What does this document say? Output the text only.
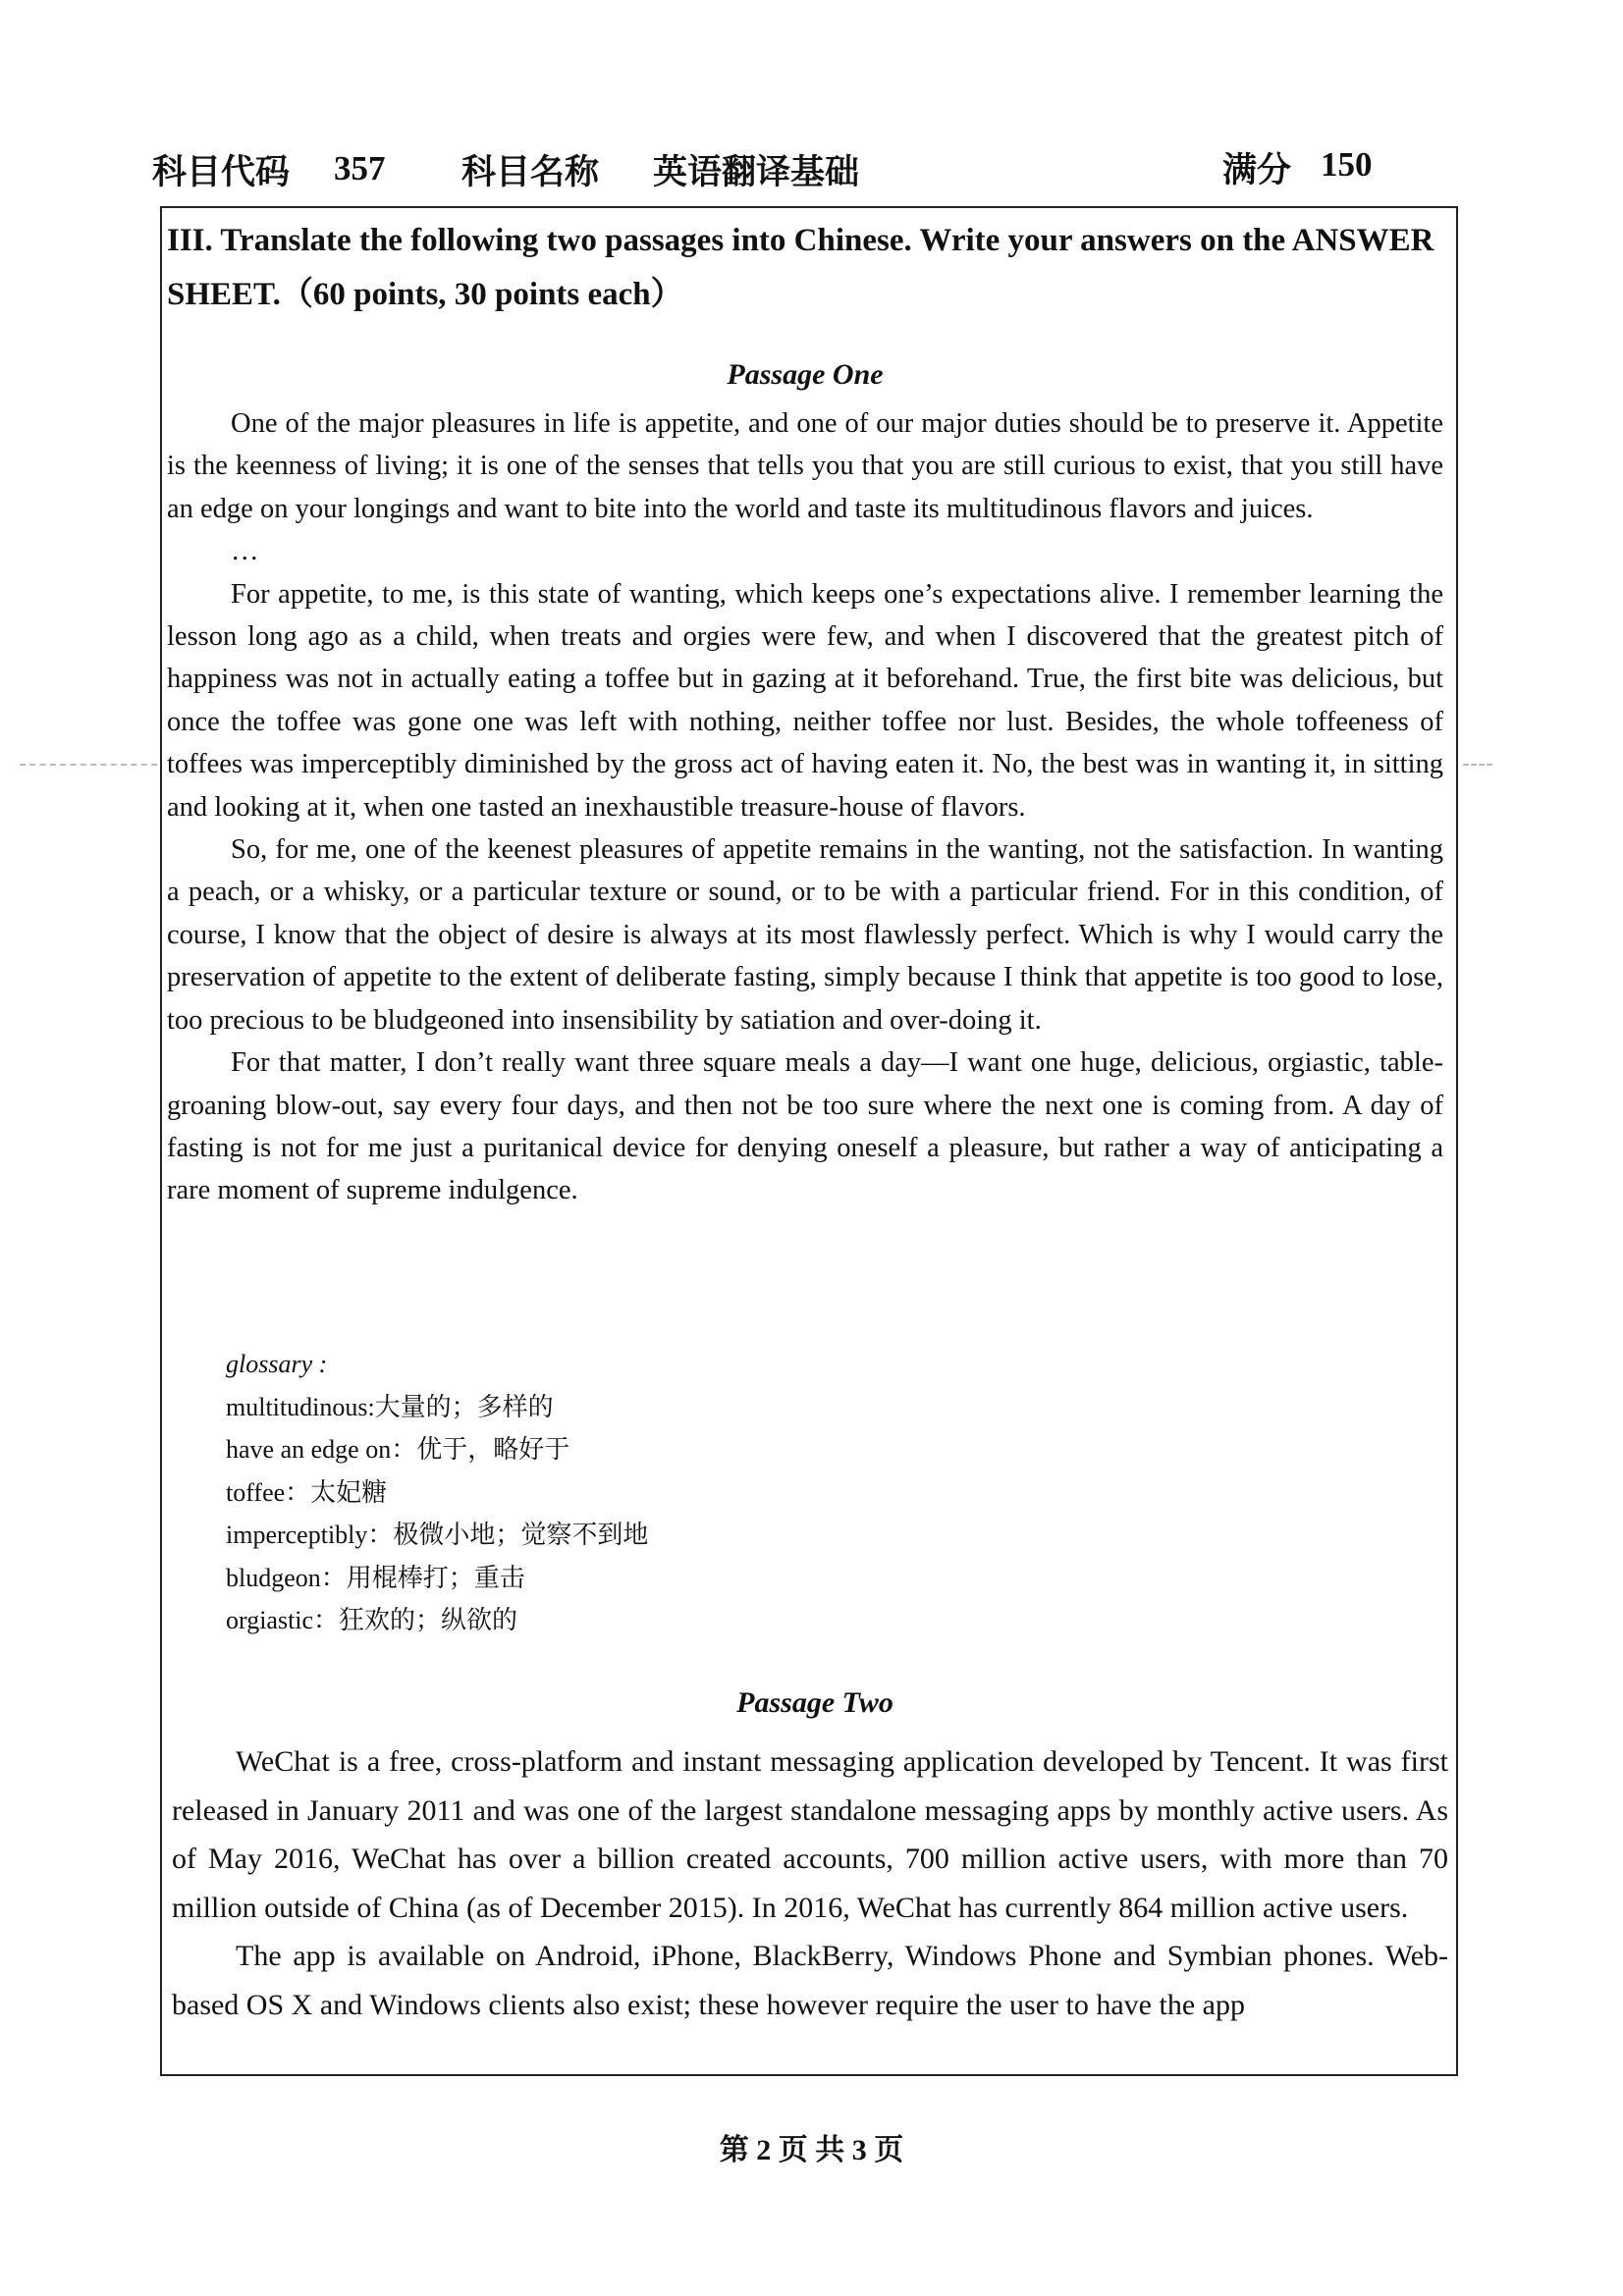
科目代码 357 科目名称 英语翻译基础	满分 150

III. Translate the following two passages into Chinese. Write your answers on the ANSWER SHEET.（60 points, 30 points each）

Passage One

One of the major pleasures in life is appetite, and one of our major duties should be to preserve it. Appetite is the keenness of living; it is one of the senses that tells you that you are still curious to exist, that you still have an edge on your longings and want to bite into the world and taste its multitudinous flavors and juices.

…

For appetite, to me, is this state of wanting, which keeps one’s expectations alive. I remember learning the lesson long ago as a child, when treats and orgies were few, and when I discovered that the greatest pitch of happiness was not in actually eating a toffee but in gazing at it beforehand. True, the first bite was delicious, but once the toffee was gone one was left with nothing, neither toffee nor lust. Besides, the whole toffeeness of toffees was imperceptibly diminished by the gross act of having eaten it. No, the best was in wanting it, in sitting and looking at it, when one tasted an inexhaustible treasure-house of flavors.

So, for me, one of the keenest pleasures of appetite remains in the wanting, not the satisfaction. In wanting a peach, or a whisky, or a particular texture or sound, or to be with a particular friend. For in this condition, of course, I know that the object of desire is always at its most flawlessly perfect. Which is why I would carry the preservation of appetite to the extent of deliberate fasting, simply because I think that appetite is too good to lose, too precious to be bludgeoned into insensibility by satiation and over-doing it.

For that matter, I don’t really want three square meals a day—I want one huge, delicious, orgiastic, table-groaning blow-out, say every four days, and then not be too sure where the next one is coming from. A day of fasting is not for me just a puritanical device for denying oneself a pleasure, but rather a way of anticipating a rare moment of supreme indulgence.

glossary :
multitudinous:大量的；多样的
have an edge on：优于，略好于
toffee：太妃糖
imperceptibly：极微小地；觉察不到地
bludgeon：用棍棒打；重击
orgiastic：狂欢的；纵欲的

Passage Two

WeChat is a free, cross-platform and instant messaging application developed by Tencent. It was first released in January 2011 and was one of the largest standalone messaging apps by monthly active users. As of May 2016, WeChat has over a billion created accounts, 700 million active users, with more than 70 million outside of China (as of December 2015). In 2016, WeChat has currently 864 million active users.

The app is available on Android, iPhone, BlackBerry, Windows Phone and Symbian phones. Web-based OS X and Windows clients also exist; these however require the user to have the app

第 2 页 共 3 页
